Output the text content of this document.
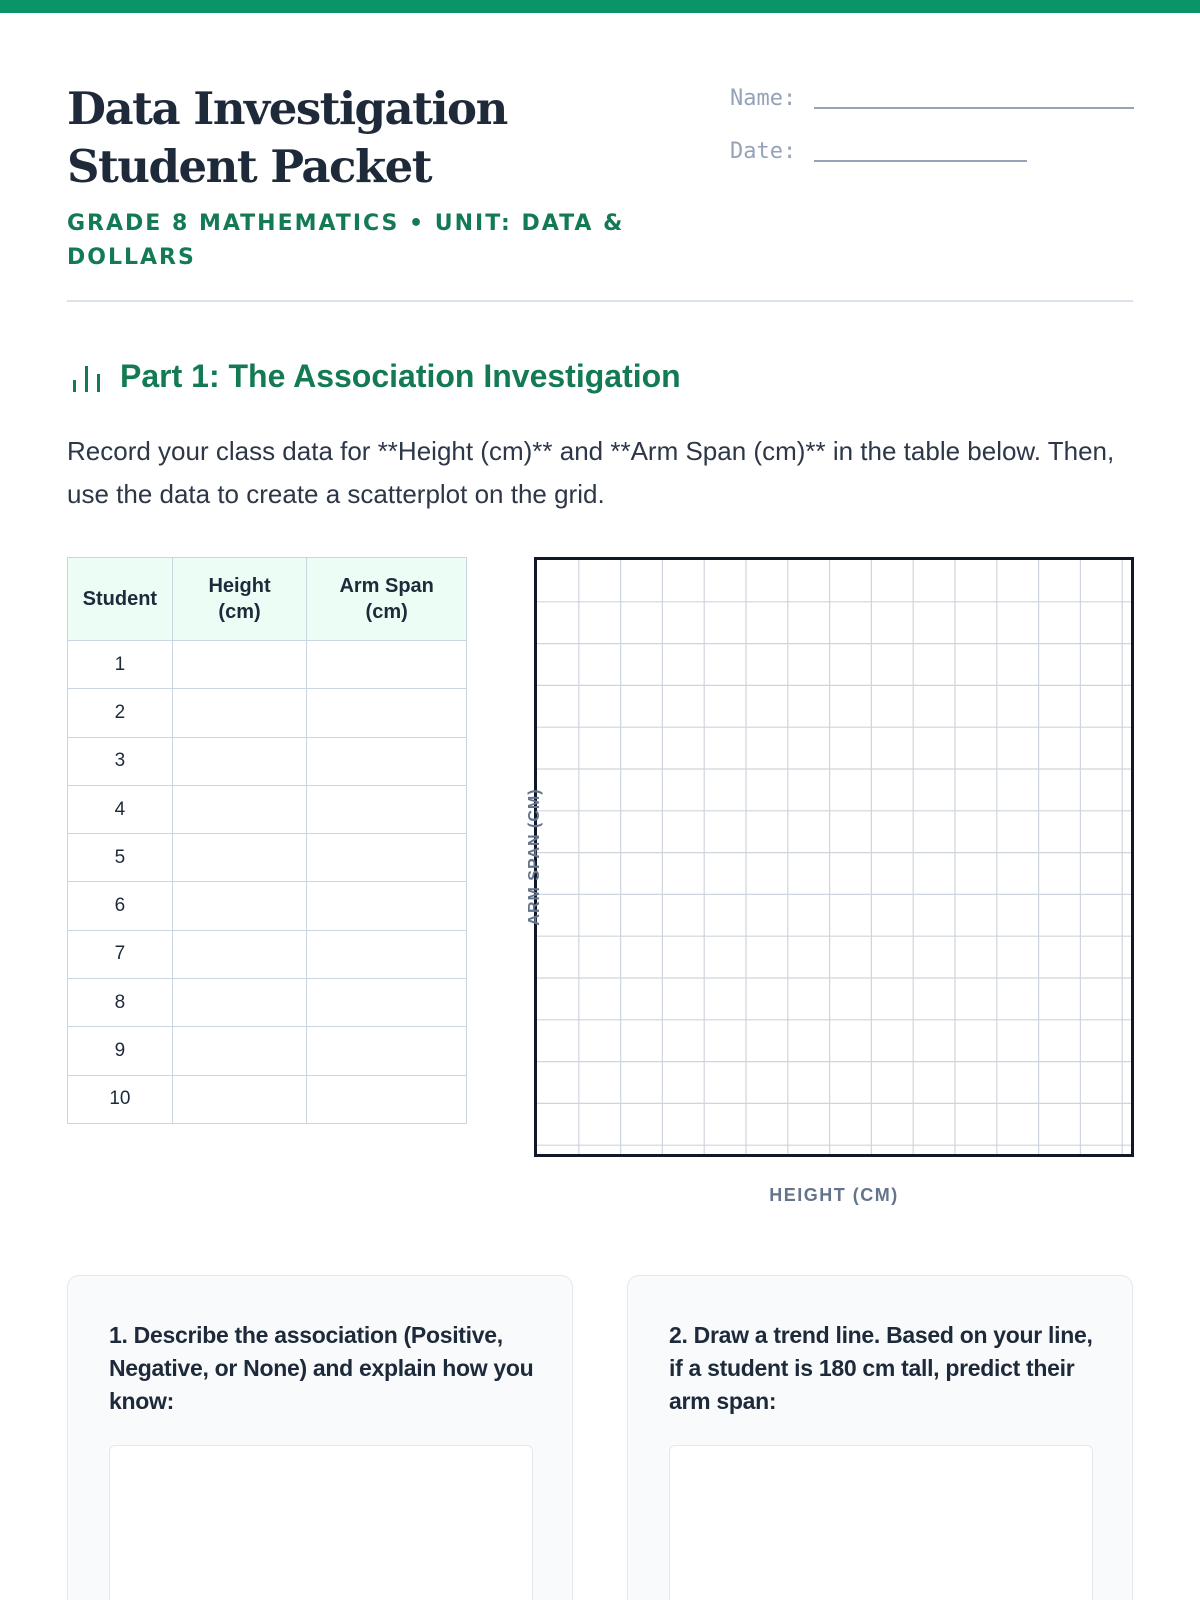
Data Investigation Student Packet
GRADE 8 MATHEMATICS • UNIT: DATA & DOLLARS
Name:
Date:
Part 1: The Association Investigation

Record your class data for **Height (cm)** and **Arm Span (cm)** in the table below. Then, use the data to create a scatterplot on the grid.

Student	Height (cm)	Arm Span (cm)
1		
2		
3		
4		
5		
6		
7		
8		
9		
10		
ARM SPAN (CM)
HEIGHT (CM)
1. Describe the association (Positive, Negative, or None) and explain how you know:
2. Draw a trend line. Based on your line, if a student is 180 cm tall, predict their arm span:
